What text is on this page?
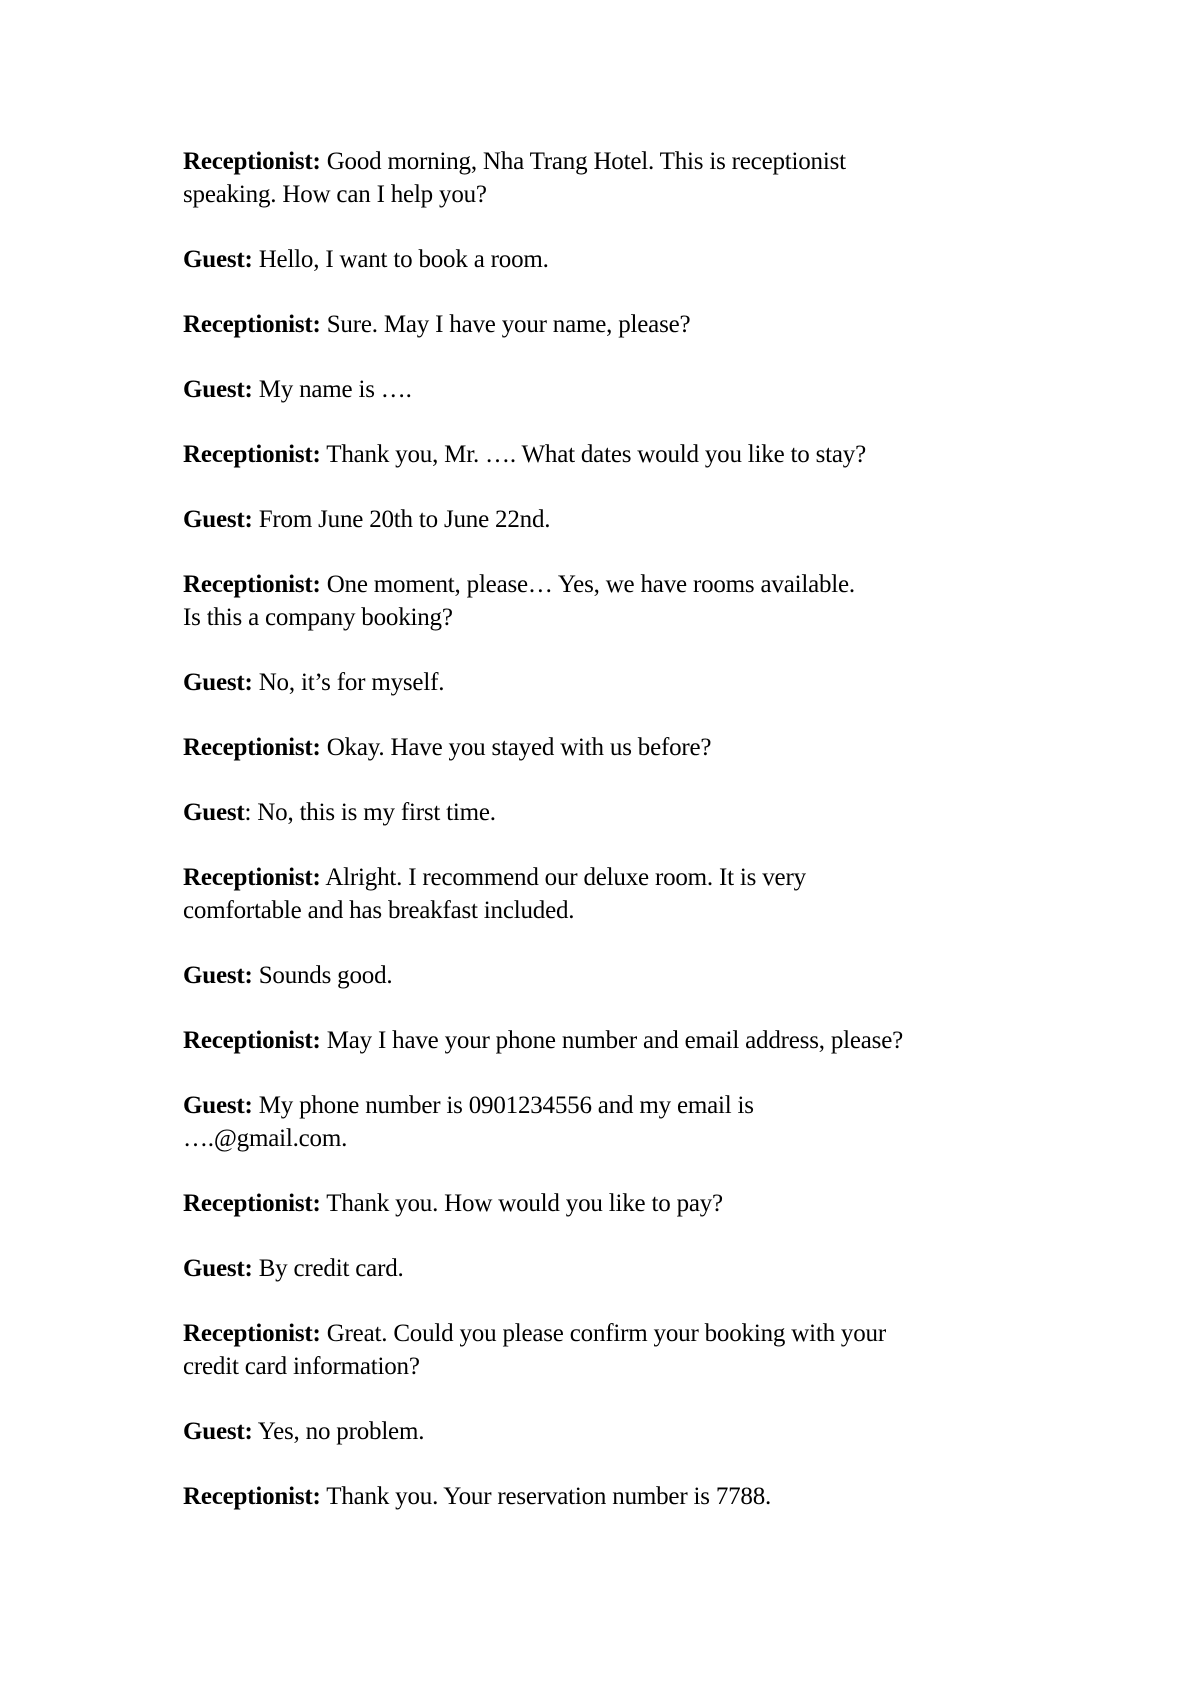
Receptionist: Good morning, Nha Trang Hotel. This is receptionist
speaking. How can I help you?

Guest: Hello, I want to book a room.

Receptionist: Sure. May I have your name, please?

Guest: My name is ….

Receptionist: Thank you, Mr. …. What dates would you like to stay?

Guest: From June 20th to June 22nd.

Receptionist: One moment, please… Yes, we have rooms available.
Is this a company booking?

Guest: No, it’s for myself.

Receptionist: Okay. Have you stayed with us before?

Guest: No, this is my first time.

Receptionist: Alright. I recommend our deluxe room. It is very
comfortable and has breakfast included.

Guest: Sounds good.

Receptionist: May I have your phone number and email address, please?

Guest: My phone number is 0901234556 and my email is
….@gmail.com.

Receptionist: Thank you. How would you like to pay?

Guest: By credit card.

Receptionist: Great. Could you please confirm your booking with your
credit card information?

Guest: Yes, no problem.

Receptionist: Thank you. Your reservation number is 7788.
